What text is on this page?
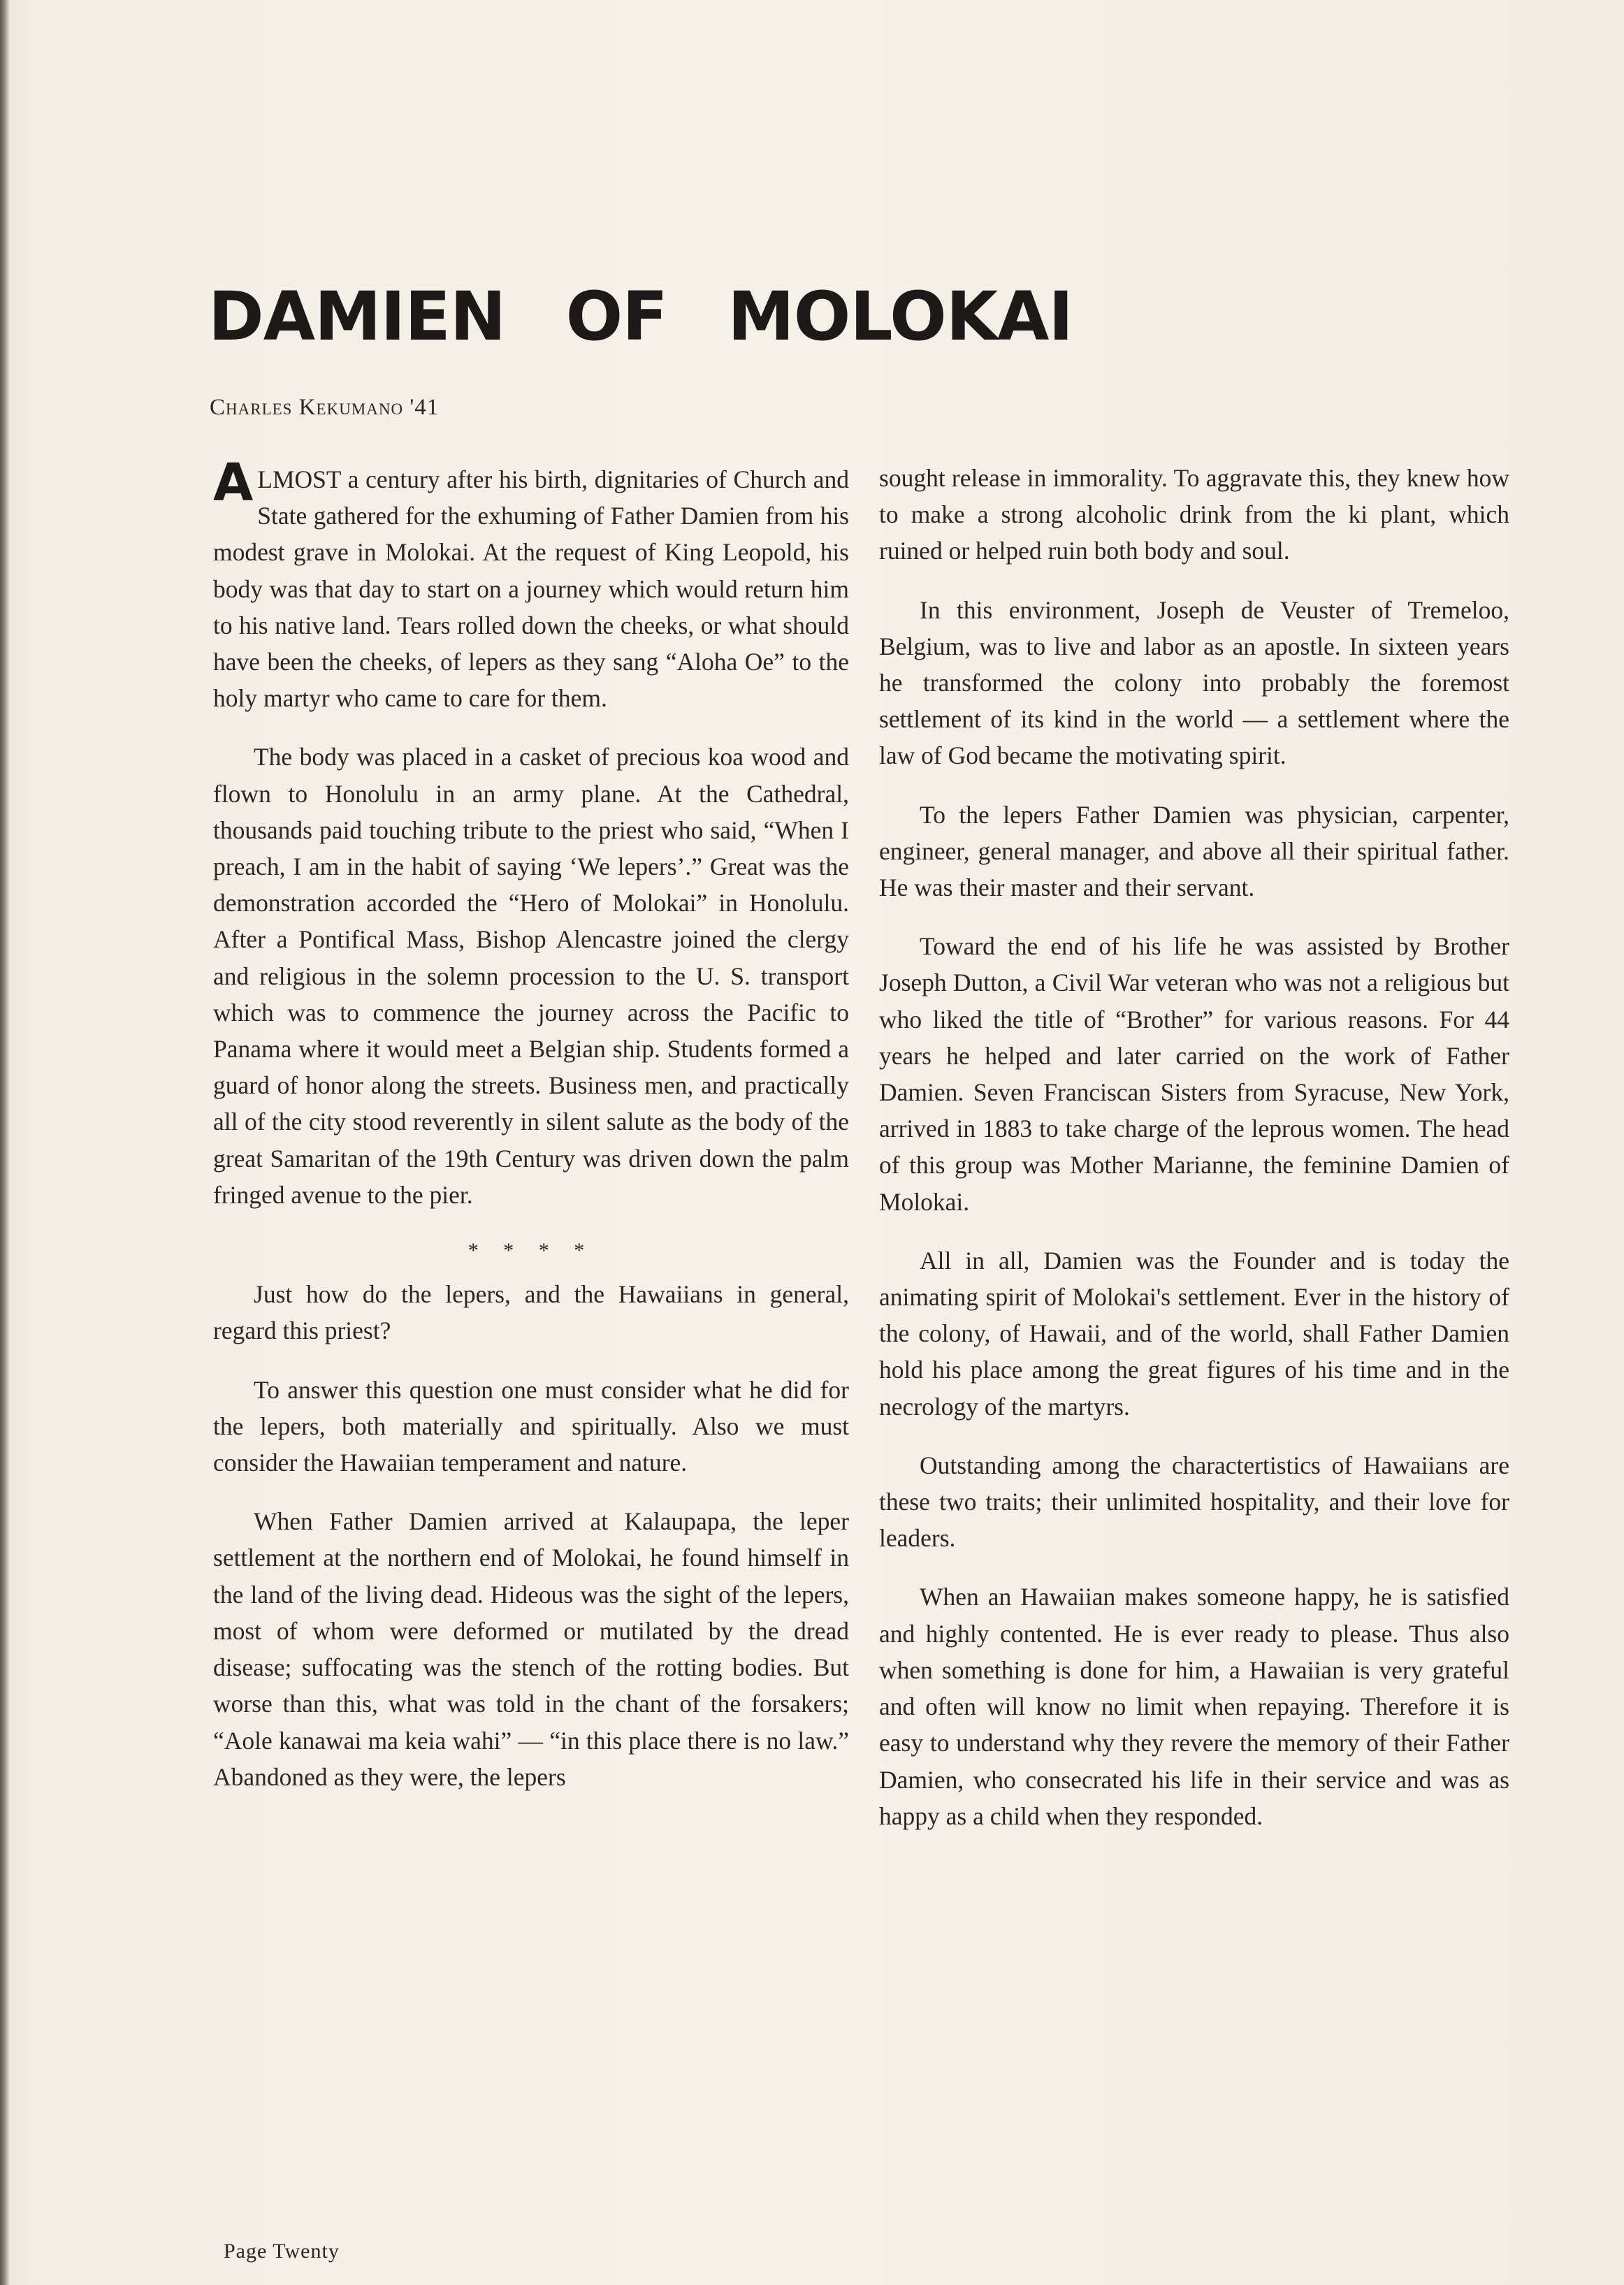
DAMIEN OF MOLOKAI
Charles Kekumano '41

ALMOST a century after his birth, dignitaries of Church and State gathered for the exhuming of Father Damien from his modest grave in Molokai. At the request of King Leopold, his body was that day to start on a journey which would return him to his native land. Tears rolled down the cheeks, or what should have been the cheeks, of lepers as they sang “Aloha Oe” to the holy martyr who came to care for them.

The body was placed in a casket of precious koa wood and flown to Honolulu in an army plane. At the Cathedral, thousands paid touching tribute to the priest who said, “When I preach, I am in the habit of saying ‘We lepers’.” Great was the demonstration accorded the “Hero of Molokai” in Honolulu. After a Pontifical Mass, Bishop Alencastre joined the clergy and religious in the solemn procession to the U. S. transport which was to commence the journey across the Pacific to Panama where it would meet a Belgian ship. Students formed a guard of honor along the streets. Business men, and practically all of the city stood reverently in silent salute as the body of the great Samaritan of the 19th Century was driven down the palm fringed avenue to the pier.

* * * *

Just how do the lepers, and the Hawaiians in general, regard this priest?

To answer this question one must consider what he did for the lepers, both materially and spiritually. Also we must consider the Hawaiian temperament and nature.

When Father Damien arrived at Kalaupapa, the leper settlement at the northern end of Molokai, he found himself in the land of the living dead. Hideous was the sight of the lepers, most of whom were deformed or mutilated by the dread disease; suffocating was the stench of the rotting bodies. But worse than this, what was told in the chant of the forsakers; “Aole kanawai ma keia wahi” — “in this place there is no law.” Abandoned as they were, the lepers

sought release in immorality. To aggravate this, they knew how to make a strong alcoholic drink from the ki plant, which ruined or helped ruin both body and soul.

In this environment, Joseph de Veuster of Tremeloo, Belgium, was to live and labor as an apostle. In sixteen years he transformed the colony into probably the foremost settlement of its kind in the world — a settlement where the law of God became the motivating spirit.

To the lepers Father Damien was physician, carpenter, engineer, general manager, and above all their spiritual father. He was their master and their servant.

Toward the end of his life he was assisted by Brother Joseph Dutton, a Civil War veteran who was not a religious but who liked the title of “Brother” for various reasons. For 44 years he helped and later carried on the work of Father Damien. Seven Franciscan Sisters from Syracuse, New York, arrived in 1883 to take charge of the leprous women. The head of this group was Mother Marianne, the feminine Damien of Molokai.

All in all, Damien was the Founder and is today the animating spirit of Molokai's settlement. Ever in the history of the colony, of Hawaii, and of the world, shall Father Damien hold his place among the great figures of his time and in the necrology of the martyrs.

Outstanding among the charactertistics of Hawaiians are these two traits; their unlimited hospitality, and their love for leaders.

When an Hawaiian makes someone happy, he is satisfied and highly contented. He is ever ready to please. Thus also when something is done for him, a Hawaiian is very grateful and often will know no limit when repaying. Therefore it is easy to understand why they revere the memory of their Father Damien, who consecrated his life in their service and was as happy as a child when they responded.

Page Twenty
